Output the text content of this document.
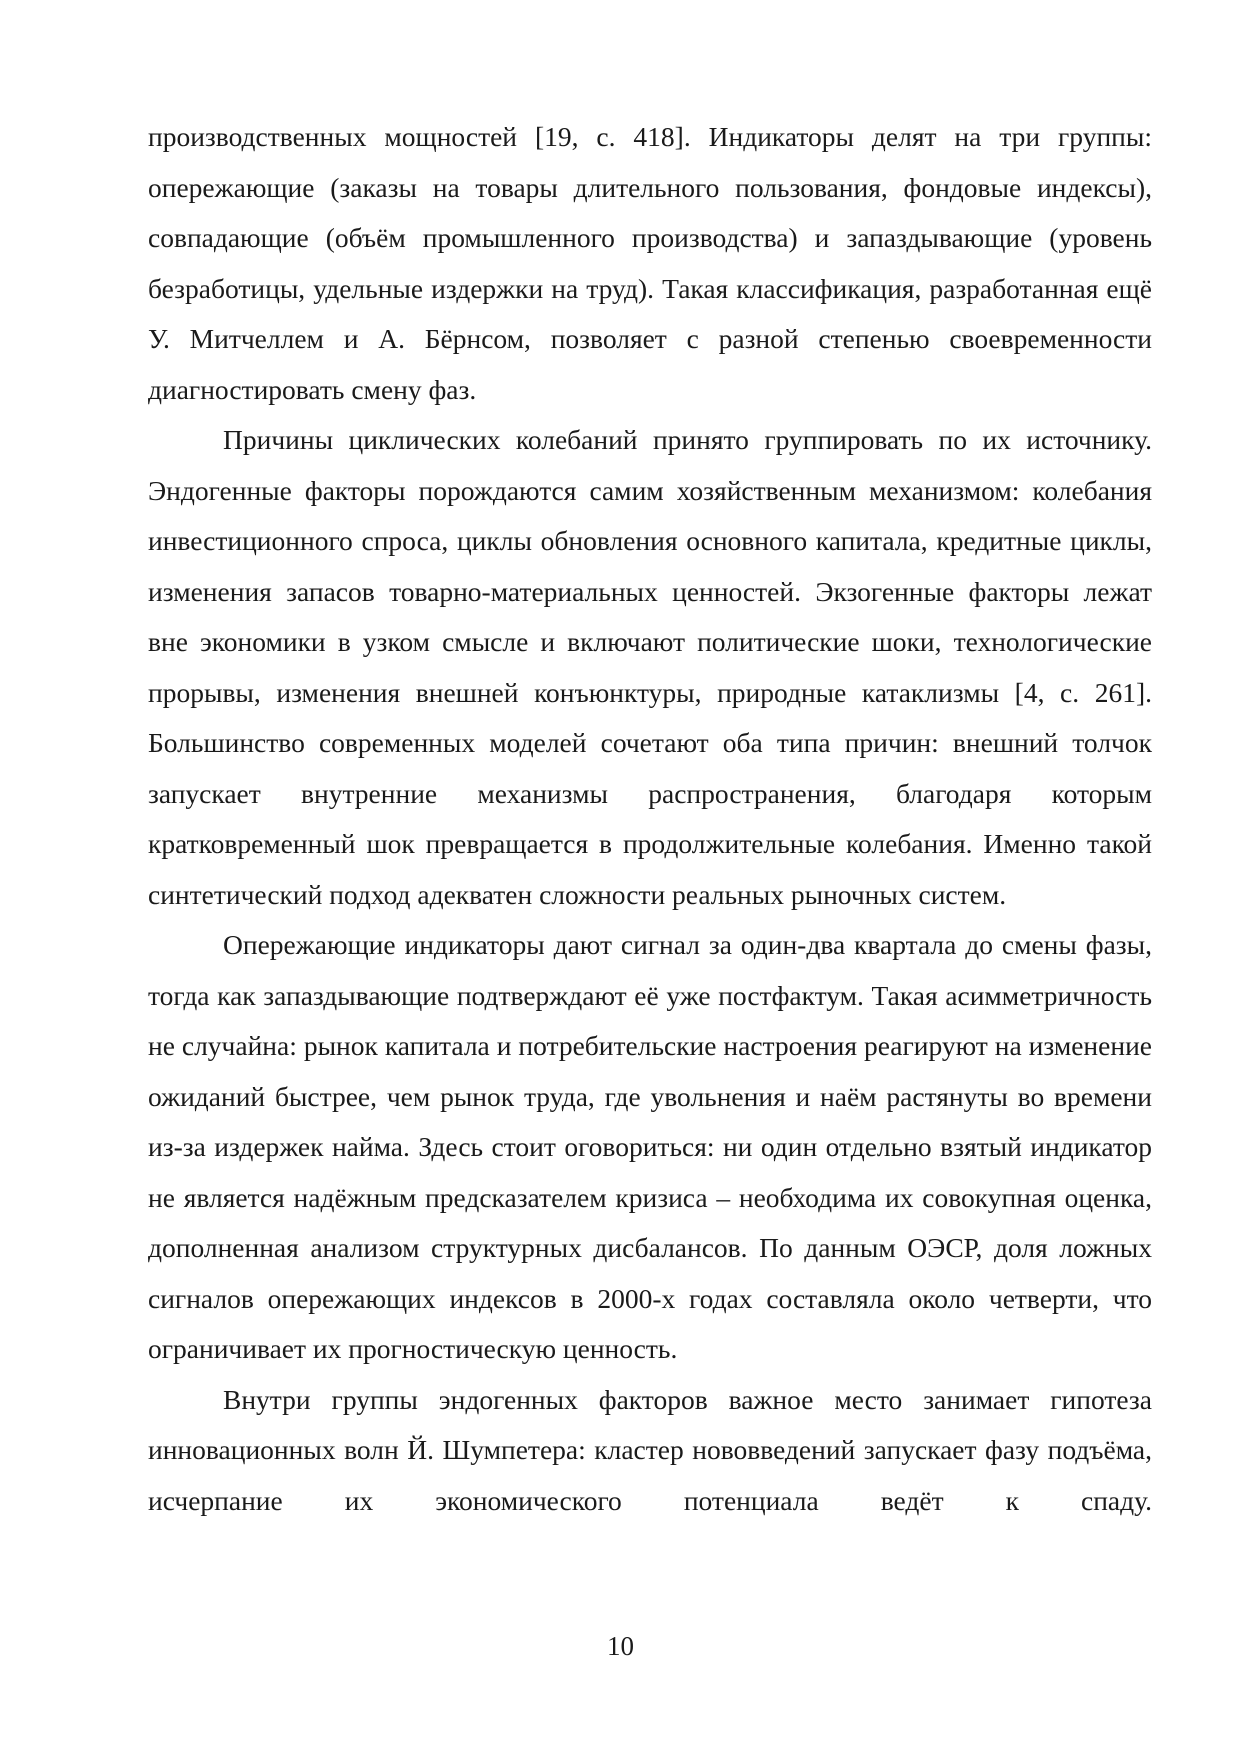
производственных мощностей [19, с. 418]. Индикаторы делят на три группы: опережающие (заказы на товары длительного пользования, фондовые индексы), совпадающие (объём промышленного производства) и запаздывающие (уровень безработицы, удельные издержки на труд). Такая классификация, разработанная ещё У. Митчеллем и А. Бёрнсом, позволяет с разной степенью своевременности диагностировать смену фаз.

Причины циклических колебаний принято группировать по их источнику. Эндогенные факторы порождаются самим хозяйственным механизмом: колебания инвестиционного спроса, циклы обновления основного капитала, кредитные циклы, изменения запасов товарно-материальных ценностей. Экзогенные факторы лежат вне экономики в узком смысле и включают политические шоки, технологические прорывы, изменения внешней конъюнктуры, природные катаклизмы [4, с. 261]. Большинство современных моделей сочетают оба типа причин: внешний толчок запускает внутренние механизмы распространения, благодаря которым кратковременный шок превращается в продолжительные колебания. Именно такой синтетический подход адекватен сложности реальных рыночных систем.

Опережающие индикаторы дают сигнал за один-два квартала до смены фазы, тогда как запаздывающие подтверждают её уже постфактум. Такая асимметричность не случайна: рынок капитала и потребительские настроения реагируют на изменение ожиданий быстрее, чем рынок труда, где увольнения и наём растянуты во времени из-за издержек найма. Здесь стоит оговориться: ни один отдельно взятый индикатор не является надёжным предсказателем кризиса – необходима их совокупная оценка, дополненная анализом структурных дисбалансов. По данным ОЭСР, доля ложных сигналов опережающих индексов в 2000-х годах составляла около четверти, что ограничивает их прогностическую ценность.

Внутри группы эндогенных факторов важное место занимает гипотеза инновационных волн Й. Шумпетера: кластер нововведений запускает фазу подъёма, исчерпание их экономического потенциала ведёт к спаду.

10
